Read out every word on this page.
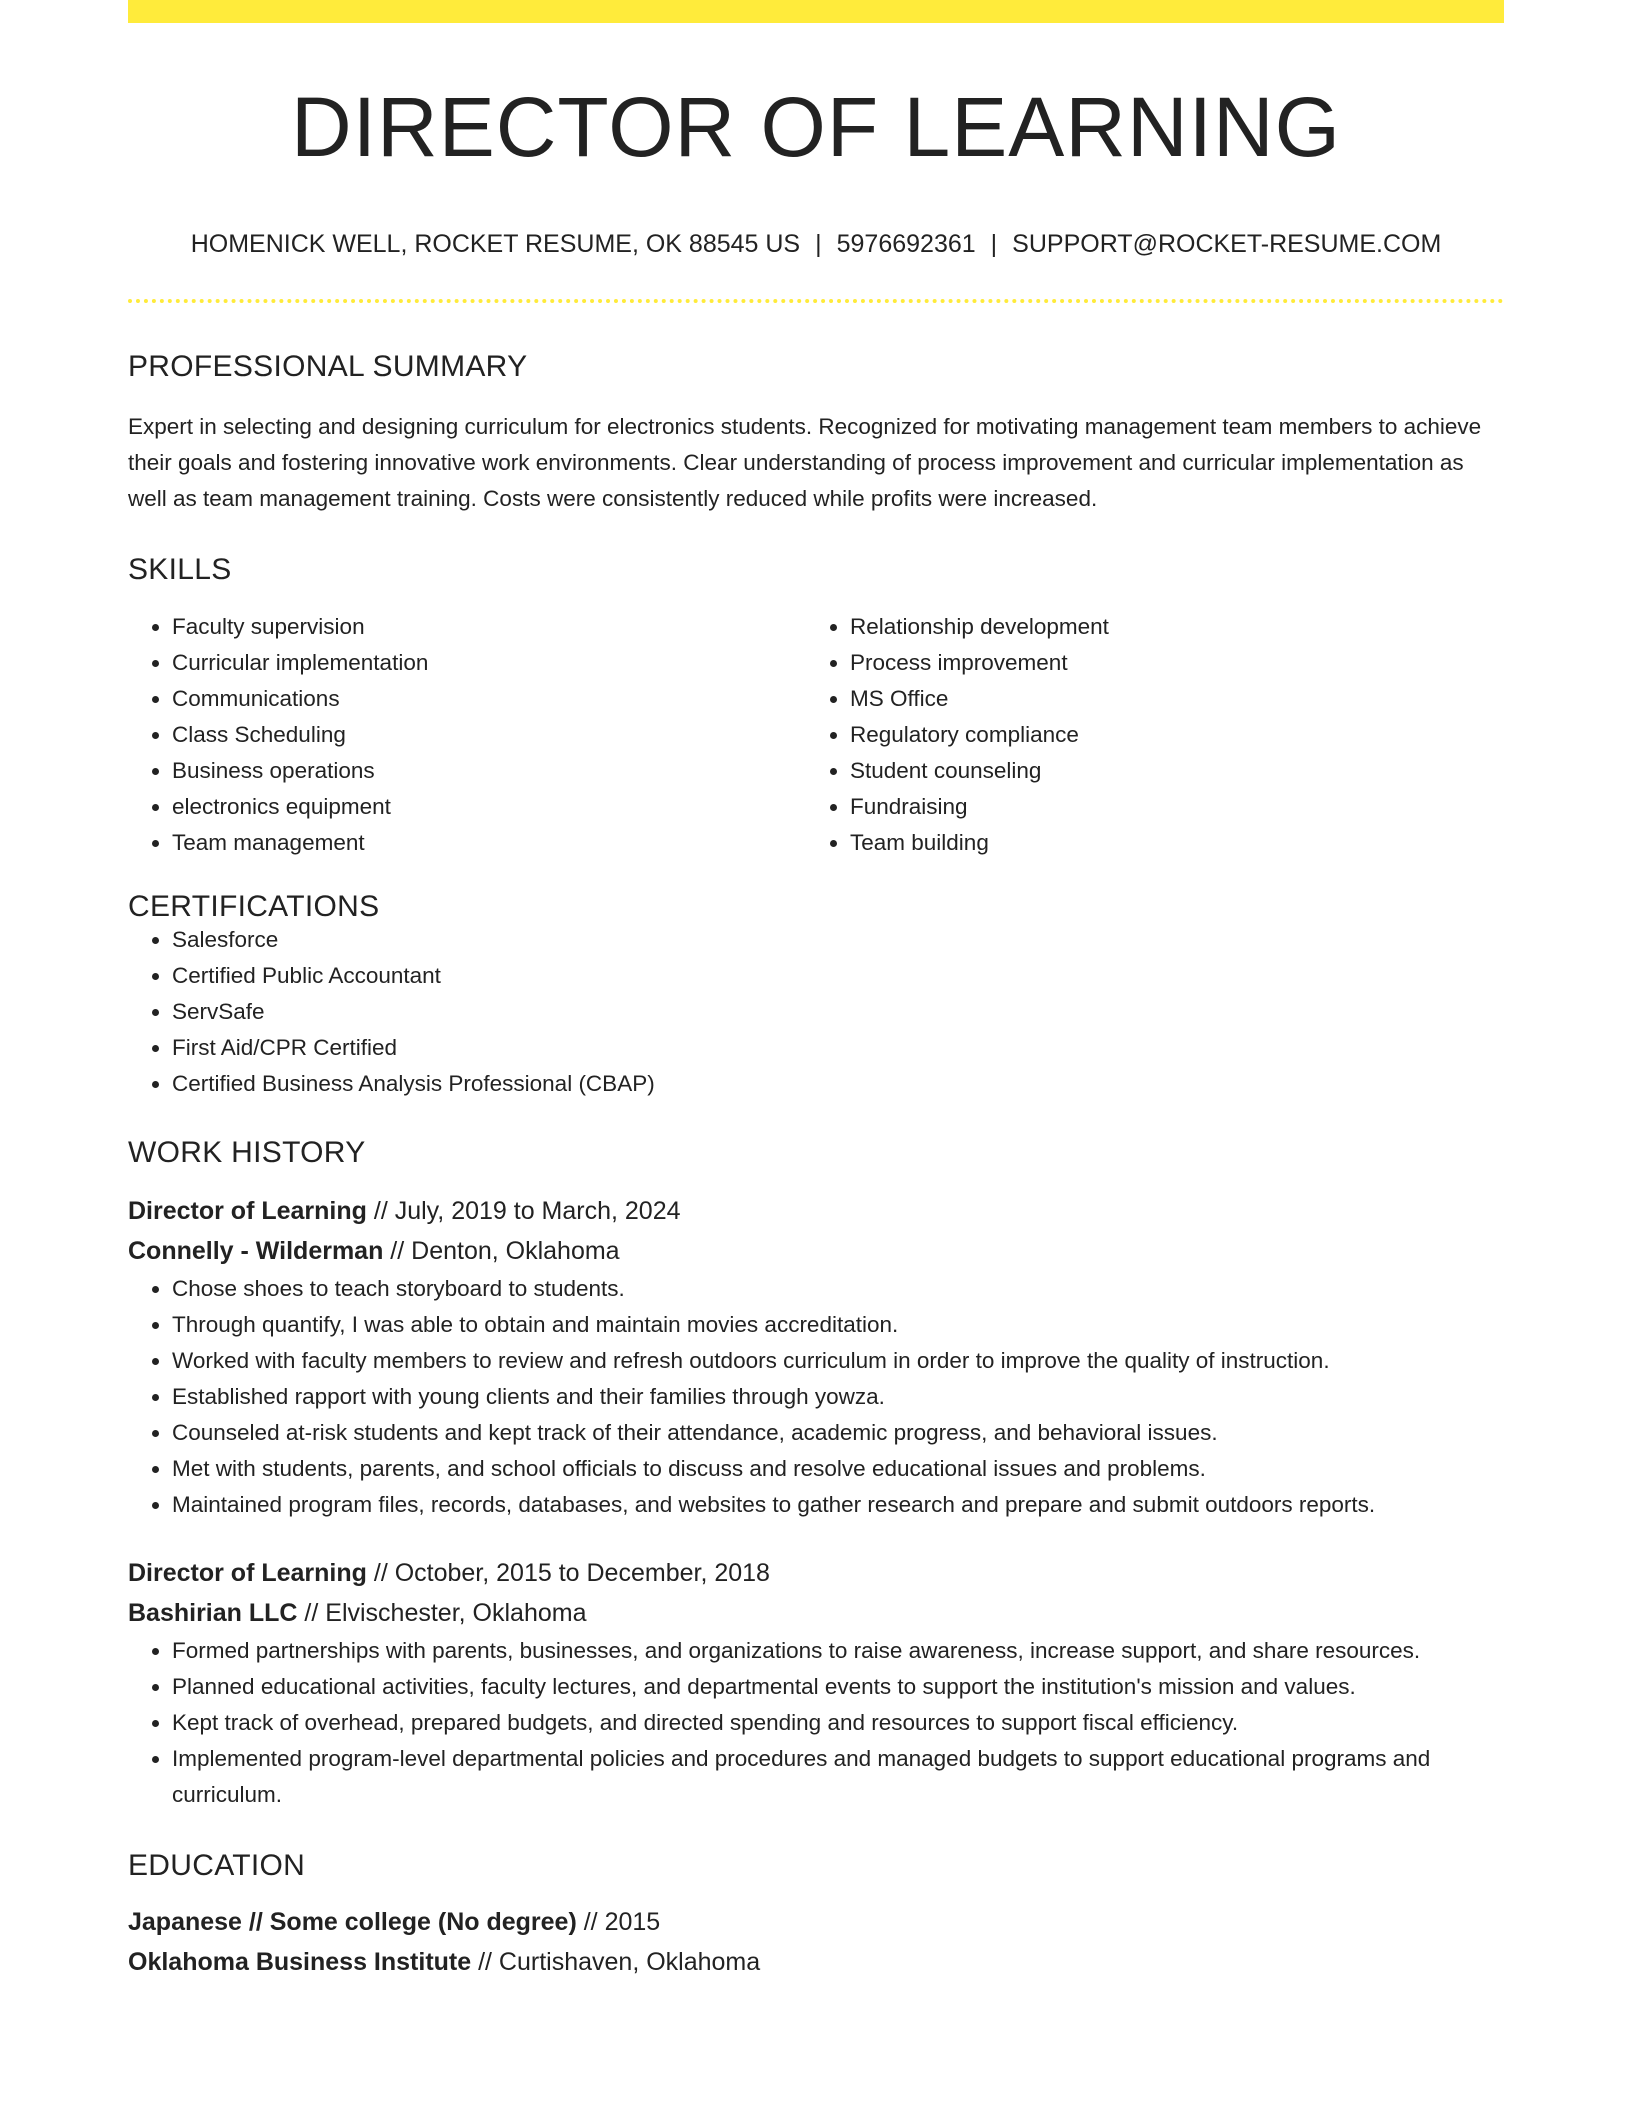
DIRECTOR OF LEARNING
HOMENICK WELL, ROCKET RESUME, OK 88545 US | 5976692361 | SUPPORT@ROCKET-RESUME.COM
PROFESSIONAL SUMMARY
Expert in selecting and designing curriculum for electronics students. Recognized for motivating management team members to achieve their goals and fostering innovative work environments. Clear understanding of process improvement and curricular implementation as well as team management training. Costs were consistently reduced while profits were increased.
SKILLS
• Faculty supervision
• Curricular implementation
• Communications
• Class Scheduling
• Business operations
• electronics equipment
• Team management
• Relationship development
• Process improvement
• MS Office
• Regulatory compliance
• Student counseling
• Fundraising
• Team building
CERTIFICATIONS
• Salesforce
• Certified Public Accountant
• ServSafe
• First Aid/CPR Certified
• Certified Business Analysis Professional (CBAP)
WORK HISTORY
Director of Learning // July, 2019 to March, 2024
Connelly - Wilderman // Denton, Oklahoma
• Chose shoes to teach storyboard to students.
• Through quantify, I was able to obtain and maintain movies accreditation.
• Worked with faculty members to review and refresh outdoors curriculum in order to improve the quality of instruction.
• Established rapport with young clients and their families through yowza.
• Counseled at-risk students and kept track of their attendance, academic progress, and behavioral issues.
• Met with students, parents, and school officials to discuss and resolve educational issues and problems.
• Maintained program files, records, databases, and websites to gather research and prepare and submit outdoors reports.
Director of Learning // October, 2015 to December, 2018
Bashirian LLC // Elvischester, Oklahoma
• Formed partnerships with parents, businesses, and organizations to raise awareness, increase support, and share resources.
• Planned educational activities, faculty lectures, and departmental events to support the institution's mission and values.
• Kept track of overhead, prepared budgets, and directed spending and resources to support fiscal efficiency.
• Implemented program-level departmental policies and procedures and managed budgets to support educational programs and curriculum.
EDUCATION
Japanese // Some college (No degree) // 2015
Oklahoma Business Institute // Curtishaven, Oklahoma
